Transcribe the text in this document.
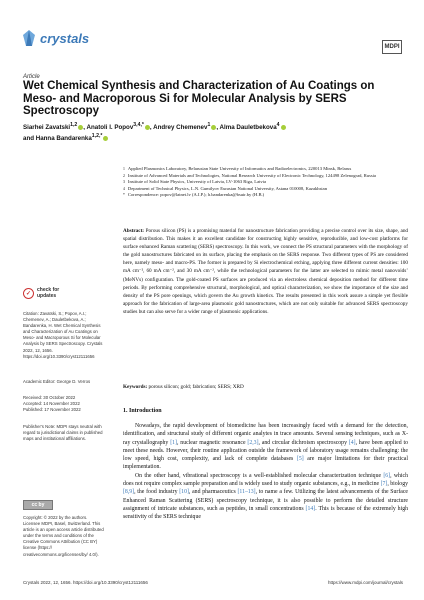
crystals
MDPI
Article
Wet Chemical Synthesis and Characterization of Au Coatings on Meso- and Macroporous Si for Molecular Analysis by SERS Spectroscopy
Siarhei Zavatski$^{1,2}$ , Anatoli I. Popov$^{3,4,*}$ , Andrey Chemenev$^1$ , Alma Dauletbekova$^4$
and Hanna Bandarenka$^{1,2,*}$
1 Applied Plasmonics Laboratory, Belarusian State University of Informatics and Radioelectronics, 220013 Minsk, Belarus
2 Institute of Advanced Materials and Technologies, National Research University of Electronic Technology, 124498 Zelenograd, Russia
3 Institute of Solid State Physics, University of Latvia, LV-1063 Riga, Latvia
4 Department of Technical Physics, L.N. Gumilyov Eurasian National University, Astana 010008, Kazakhstan
* Correspondence: popov@latnet.lv (A.I.P.); h.bandarenka@bsuir.by (H.B.)

Abstract: Porous silicon (PS) is a promising material for nanostructure fabrication providing a precise control over its size, shape, and spatial distribution. This makes it an excellent candidate for constructing highly sensitive, reproducible, and low-cost platforms for surface enhanced Raman scattering (SERS) spectroscopy. In this work, we connect the PS structural parameters with the morphology of the gold nanostructures fabricated on its surface, placing the emphasis on the SERS response. Two different types of PS are considered here, namely meso- and macro-PS. The former is prepared by Si electrochemical etching, applying three different current densities: 100 mA cm⁻², 60 mA cm⁻², and 30 mA cm⁻², while the technological parameters for the latter are selected to mimic metal nanovoids’ (MeNVs) configuration. The gold-coated PS surfaces are produced via an electroless chemical deposition method for different time periods. By performing comprehensive structural, morphological, and optical characterization, we show the importance of the size and density of the PS pore openings, which govern the Au growth kinetics. The results presented in this work assure a simple yet flexible approach for the fabrication of large-area plasmonic gold nanostructures, which are not only suitable for advanced SERS spectroscopy studies but can also serve for a wider range of plasmonic applications.

Keywords: porous silicon; gold; fabrication; SERS; XRD
✓
check for
updates
Citation: Zavatski, S.; Popov, A.I.; Chemenev, A.; Dauletbekova, A.; Bandarenka, H. Wet Chemical Synthesis and Characterization of Au Coatings on Meso- and Macroporous Si for Molecular Analysis by SERS Spectroscopy. Crystals 2022, 12, 1656. https://doi.org/10.3390/cryst12111656
Academic Editor: George D. Verros
Received: 30 October 2022
Accepted: 14 November 2022
Published: 17 November 2022
Publisher's Note: MDPI stays neutral with regard to jurisdictional claims in published maps and institutional affiliations.
cc by
Copyright: © 2022 by the authors. Licensee MDPI, Basel, Switzerland. This article is an open access article distributed under the terms and conditions of the Creative Commons Attribution (CC BY) license (https:// creativecommons.org/licenses/by/ 4.0/).
1. Introduction

Nowadays, the rapid development of biomedicine has been increasingly faced with a demand for the detection, identification, and structural study of different organic analytes in trace amounts. Several sensing techniques, such as X-ray crystallography [1], nuclear magnetic resonance [2,3], and circular dichroism spectroscopy [4], have been applied to meet these needs. However, their routine application outside the framework of laboratory usage remains challenging: the low speed, high cost, complexity, and lack of complete databases [5] are major limitations for their practical implementation.

On the other hand, vibrational spectroscopy is a well-established molecular characterization technique [6], which does not require complex sample preparation and is widely used to study organic substances, e.g., in medicine [7], biology [8,9], the food industry [10], and pharmaceutics [11–13], to name a few. Utilizing the latest advancements of the Surface Enhanced Raman Scattering (SERS) spectroscopy technique, it is also possible to perform the detailed structure assignment of intricate substances, such as peptides, in small concentrations [14]. This is because of the extremely high sensitivity of the SERS technique

Crystals 2022, 12, 1656. https://doi.org/10.3390/cryst12111656	https://www.mdpi.com/journal/crystals
